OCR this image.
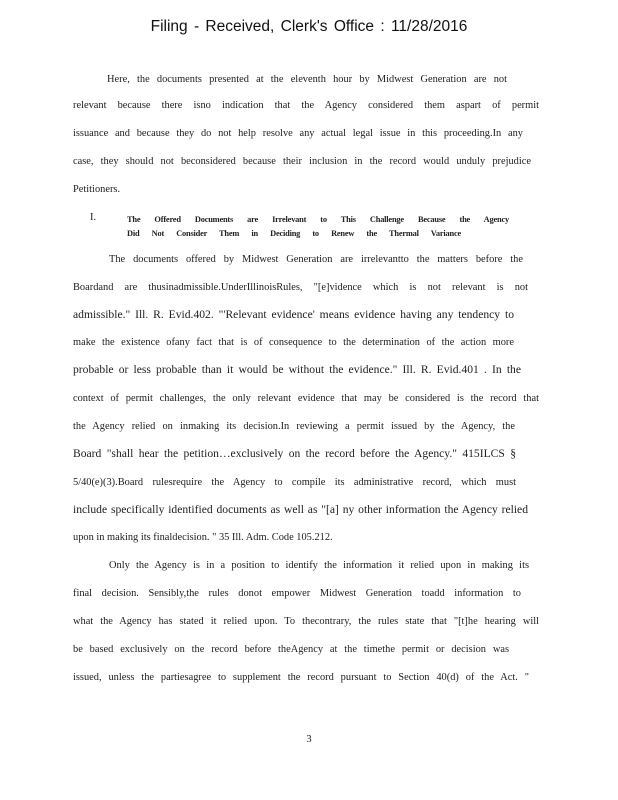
Filing - Received, Clerk's Office : 11/28/2016
Here, the documents presented at the eleventh hour by Midwest Generation are not
relevant because there isno indication that the Agency considered them aspart of permit
issuance and because they do not help resolve any actual legal issue in this proceeding.In any
case, they should not beconsidered because their inclusion in the record would unduly prejudice
Petitioners.
I.	The Offered Documents are Irrelevant to This Challenge Because the Agency
Did Not Consider Them in Deciding to Renew the Thermal Variance
The documents offered by Midwest Generation are irrelevantto the matters before the
Boardand are thusinadmissible.UnderIllinoisRules, "[e]vidence which is not relevant is not
admissible." Ill. R. Evid.402. "'Relevant evidence' means evidence having any tendency to
make the existence ofany fact that is of consequence to the determination of the action more
probable or less probable than it would be without the evidence." Ill. R. Evid.401 . In the
context of permit challenges, the only relevant evidence that may be considered is the record that
the Agency relied on inmaking its decision.In reviewing a permit issued by the Agency, the
Board "shall hear the petition…exclusively on the record before the Agency." 415ILCS §
5/40(e)(3).Board rulesrequire the Agency to compile its administrative record, which must
include specifically identified documents as well as "[a] ny other information the Agency relied
upon in making its finaldecision. " 35 Ill. Adm. Code 105.212.
Only the Agency is in a position to identify the information it relied upon in making its
final decision. Sensibly,the rules donot empower Midwest Generation toadd information to
what the Agency has stated it relied upon. To thecontrary, the rules state that "[t]he hearing will
be based exclusively on the record before theAgency at the timethe permit or decision was
issued, unless the partiesagree to supplement the record pursuant to Section 40(d) of the Act. "
3
